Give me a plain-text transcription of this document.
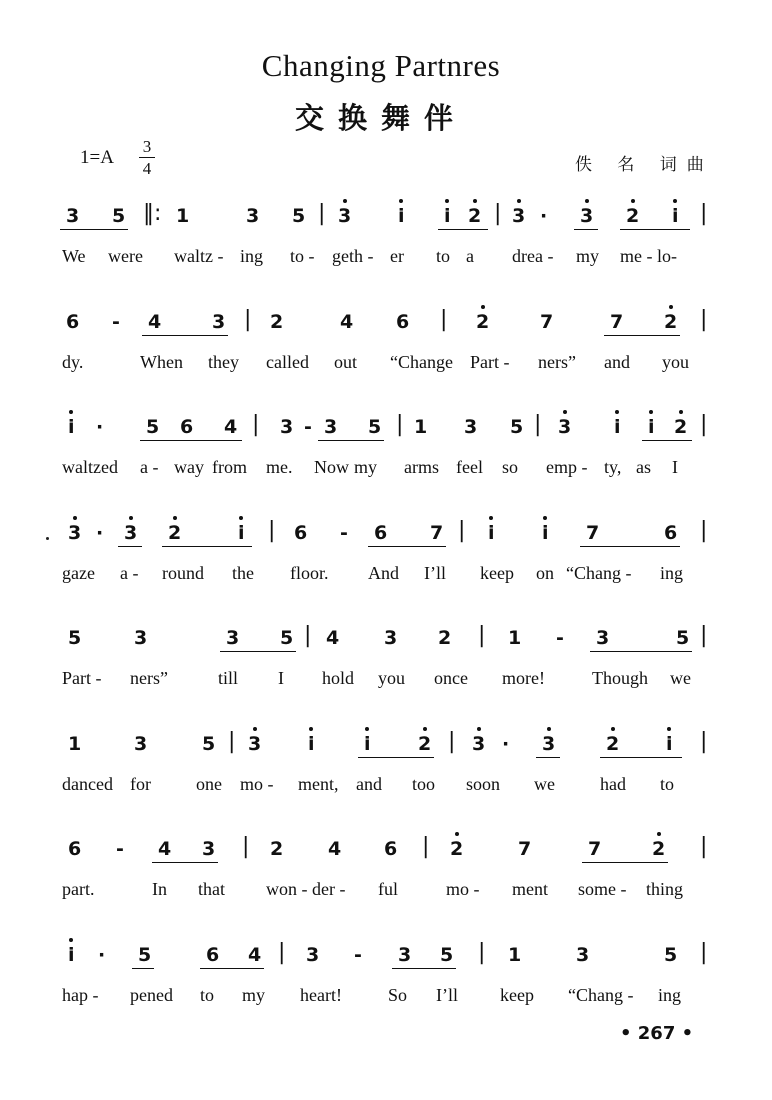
Changing Partnres
交换舞伴
1=A
3
4	佚 名 词曲
3 5 ‖: 1	3 5 | 3 i i 2 | 3 · 3 2 i |
We were waltz - ing to - geth - er to a drea - my me - lo-
6 - 4	3 | 2	4 6 | 2	7	7 2 |
dy.	When they called out “Change Part - ners” and you
i · 5 6 4 | 3 - 3 5 | 1 3 5 | 3 i i 2 |
waltzed a - way from me. Now my arms feel so emp - ty, as I
3 · 3 2	i | 6 - 6 7 | i i 7	6 |
gaze a - round the floor. And I’ll keep on “Chang - ing
5	3	3 5 | 4 3 2 | 1 - 3	5 |
Part - ners”	till I hold you once more!	Though we
1	3	5 | 3 i	i 2 | 3 · 3	2 i |
danced for	one mo - ment, and too soon we	had to
6 - 4 3 | 2 4 6 | 2	7	7	2 |
part.	In that won - der - ful	mo - ment some - thing
i · 5	6 4 | 3 - 3 5 | 1	3	5 |
hap - pened to my heart!	So I’ll keep “Chang - ing
• 267 •
